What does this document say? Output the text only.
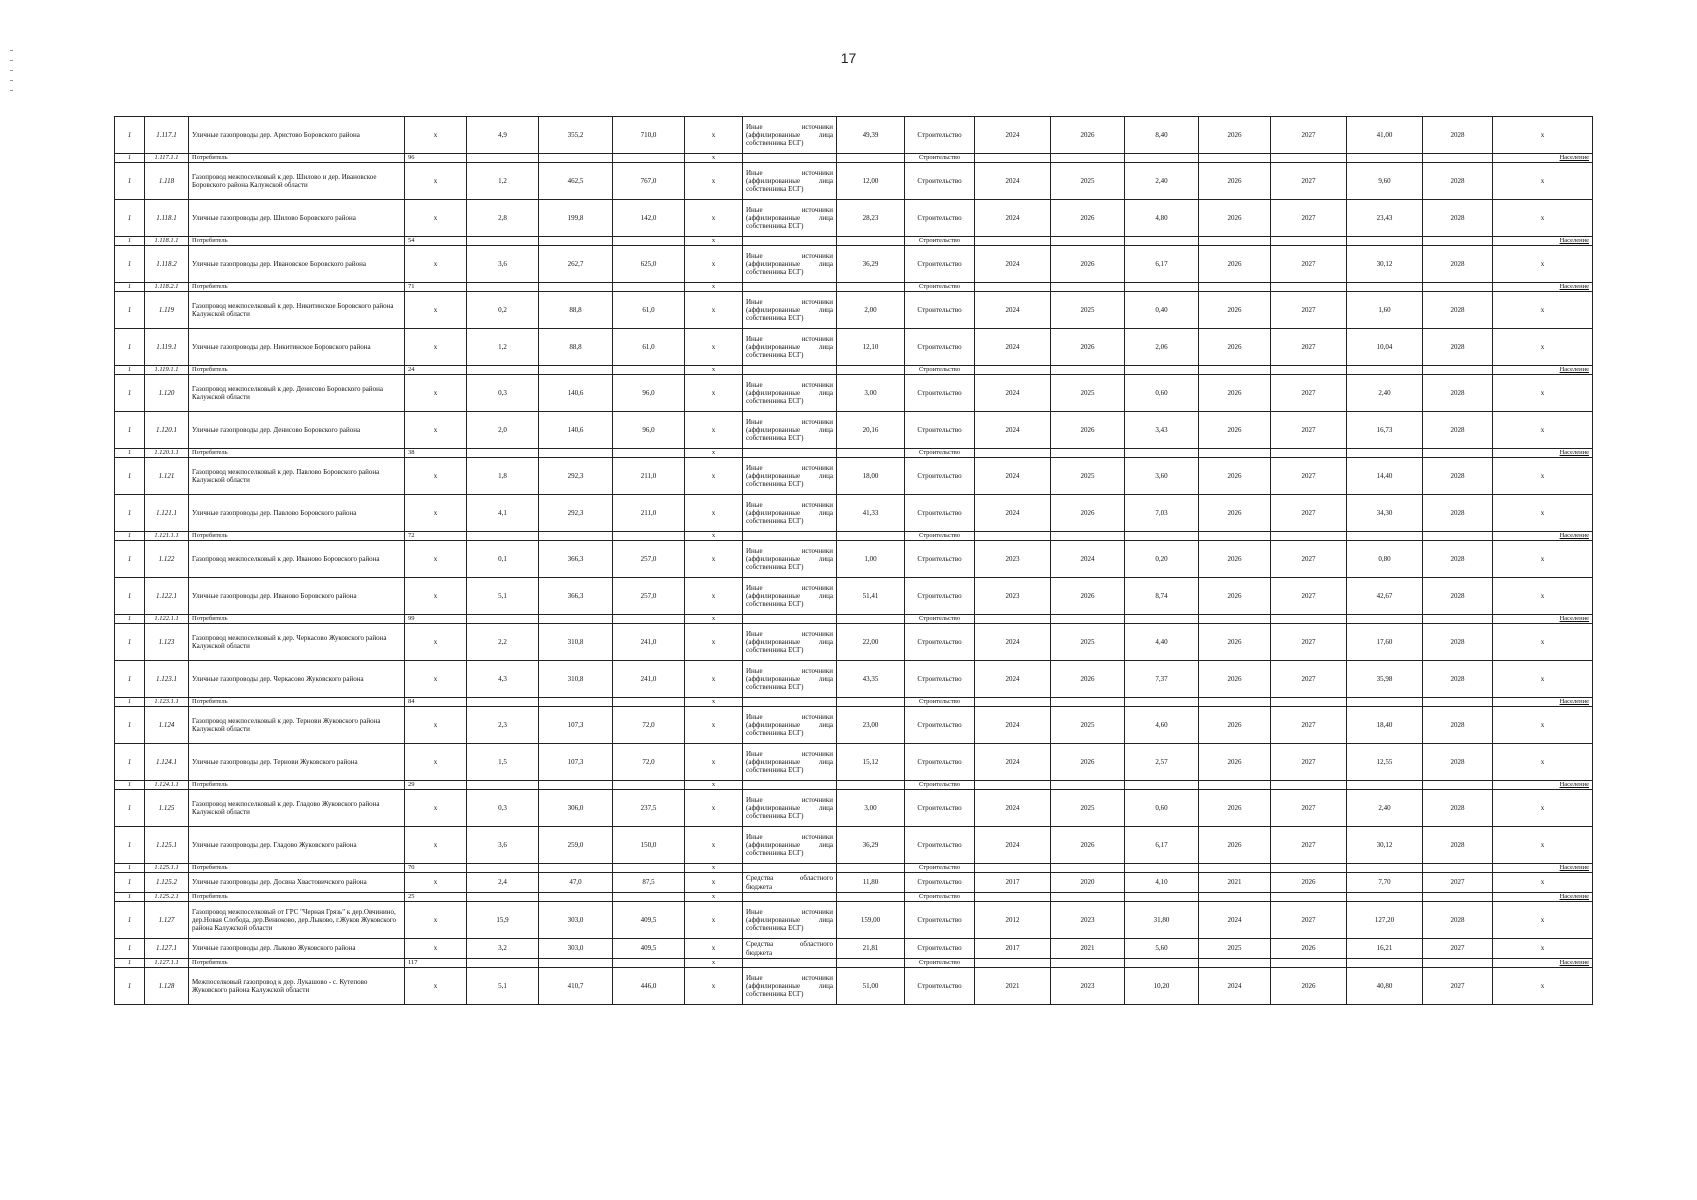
17
1	1.117.1	Уличные газопроводы дер. Аристово Боровского района	х	4,9	355,2	710,0	х	Иные источники (аффилированные лица собственника ЕСГ)	49,39	Строительство	2024	2026	8,40	2026	2027	41,00	2028	х
1	1.117.1.1	Потребитель	96				х			Строительство								Население
1	1.118	Газопровод межпоселковый к дер. Шилово и дер. Ивановское Боровского района Калужской области	х	1,2	462,5	767,0	х	Иные источники (аффилированные лица собственника ЕСГ)	12,00	Строительство	2024	2025	2,40	2026	2027	9,60	2028	х
1	1.118.1	Уличные газопроводы дер. Шилово Боровского района	х	2,8	199,8	142,0	х	Иные источники (аффилированные лица собственника ЕСГ)	28,23	Строительство	2024	2026	4,80	2026	2027	23,43	2028	х
1	1.118.1.1	Потребитель	54				х			Строительство								Население
1	1.118.2	Уличные газопроводы дер. Ивановское Боровского района	х	3,6	262,7	625,0	х	Иные источники (аффилированные лица собственника ЕСГ)	36,29	Строительство	2024	2026	6,17	2026	2027	30,12	2028	х
1	1.118.2.1	Потребитель	71				х			Строительство								Население
1	1.119	Газопровод межпоселковый к дер. Никитинское Боровского района Калужской области	х	0,2	88,8	61,0	х	Иные источники (аффилированные лица собственника ЕСГ)	2,00	Строительство	2024	2025	0,40	2026	2027	1,60	2028	х
1	1.119.1	Уличные газопроводы дер. Никитинское Боровского района	х	1,2	88,8	61,0	х	Иные источники (аффилированные лица собственника ЕСГ)	12,10	Строительство	2024	2026	2,06	2026	2027	10,04	2028	х
1	1.119.1.1	Потребитель	24				х			Строительство								Население
1	1.120	Газопровод межпоселковый к дер. Денисово Боровского района Калужской области	х	0,3	140,6	96,0	х	Иные источники (аффилированные лица собственника ЕСГ)	3,00	Строительство	2024	2025	0,60	2026	2027	2,40	2028	х
1	1.120.1	Уличные газопроводы дер. Денисово Боровского района	х	2,0	140,6	96,0	х	Иные источники (аффилированные лица собственника ЕСГ)	20,16	Строительство	2024	2026	3,43	2026	2027	16,73	2028	х
1	1.120.1.1	Потребитель	38				х			Строительство								Население
1	1.121	Газопровод межпоселковый к дер. Павлово Боровского района Калужской области	х	1,8	292,3	211,0	х	Иные источники (аффилированные лица собственника ЕСГ)	18,00	Строительство	2024	2025	3,60	2026	2027	14,40	2028	х
1	1.121.1	Уличные газопроводы дер. Павлово Боровского района	х	4,1	292,3	211,0	х	Иные источники (аффилированные лица собственника ЕСГ)	41,33	Строительство	2024	2026	7,03	2026	2027	34,30	2028	х
1	1.121.1.1	Потребитель	72				х			Строительство								Население
1	1.122	Газопровод межпоселковый к дер. Иваново Боровского района	х	0,1	366,3	257,0	х	Иные источники (аффилированные лица собственника ЕСГ)	1,00	Строительство	2023	2024	0,20	2026	2027	0,80	2028	х
1	1.122.1	Уличные газопроводы дер. Иваново Боровского района	х	5,1	366,3	257,0	х	Иные источники (аффилированные лица собственника ЕСГ)	51,41	Строительство	2023	2026	8,74	2026	2027	42,67	2028	х
1	1.122.1.1	Потребитель	99				х			Строительство								Население
1	1.123	Газопровод межпоселковый к дер. Черкасово Жуковского района Калужской области	х	2,2	310,8	241,0	х	Иные источники (аффилированные лица собственника ЕСГ)	22,00	Строительство	2024	2025	4,40	2026	2027	17,60	2028	х
1	1.123.1	Уличные газопроводы дер. Черкасово Жуковского района	х	4,3	310,8	241,0	х	Иные источники (аффилированные лица собственника ЕСГ)	43,35	Строительство	2024	2026	7,37	2026	2027	35,98	2028	х
1	1.123.1.1	Потребитель	84				х			Строительство								Население
1	1.124	Газопровод межпоселковый к дер. Тернови Жуковского района Калужской области	х	2,3	107,3	72,0	х	Иные источники (аффилированные лица собственника ЕСГ)	23,00	Строительство	2024	2025	4,60	2026	2027	18,40	2028	х
1	1.124.1	Уличные газопроводы дер. Тернови Жуковского района	х	1,5	107,3	72,0	х	Иные источники (аффилированные лица собственника ЕСГ)	15,12	Строительство	2024	2026	2,57	2026	2027	12,55	2028	х
1	1.124.1.1	Потребитель	29				х			Строительство								Население
1	1.125	Газопровод межпоселковый к дер. Гладово Жуковского района Калужской области	х	0,3	306,0	237,5	х	Иные источники (аффилированные лица собственника ЕСГ)	3,00	Строительство	2024	2025	0,60	2026	2027	2,40	2028	х
1	1.125.1	Уличные газопроводы дер. Гладово Жуковского района	х	3,6	259,0	150,0	х	Иные источники (аффилированные лица собственника ЕСГ)	36,29	Строительство	2024	2026	6,17	2026	2027	30,12	2028	х
1	1.125.1.1	Потребитель	70				х			Строительство								Население
1	1.125.2	Уличные газопроводы дер. Досвна Хвастовичского района	х	2,4	47,0	87,5	х	Средства областного бюджета	11,80	Строительство	2017	2020	4,10	2021	2026	7,70	2027	х
1	1.125.2.1	Потребитель	25				х			Строительство								Население
1	1.127	Газопровод межпоселковый от ГРС "Черная Грязь" к дер.Овчинино, дер.Новая Слобода, дер.Венюково, дер.Лыково, г.Жуков Жуковского района Калужской области	х	15,9	303,0	409,5	х	Иные источники (аффилированные лица собственника ЕСГ)	159,00	Строительство	2012	2023	31,80	2024	2027	127,20	2028	х
1	1.127.1	Уличные газопроводы дер. Лыково Жуковского района	х	3,2	303,0	409,5	х	Средства областного бюджета	21,81	Строительство	2017	2021	5,60	2025	2026	16,21	2027	х
1	1.127.1.1	Потребитель	117				х			Строительство								Население
1	1.128	Межпоселковый газопровод к дер. Лукашово - с. Кутепово Жуковского района Калужской области	х	5,1	410,7	446,0	х	Иные источники (аффилированные лица собственника ЕСГ)	51,00	Строительство	2021	2023	10,20	2024	2026	40,80	2027	х
